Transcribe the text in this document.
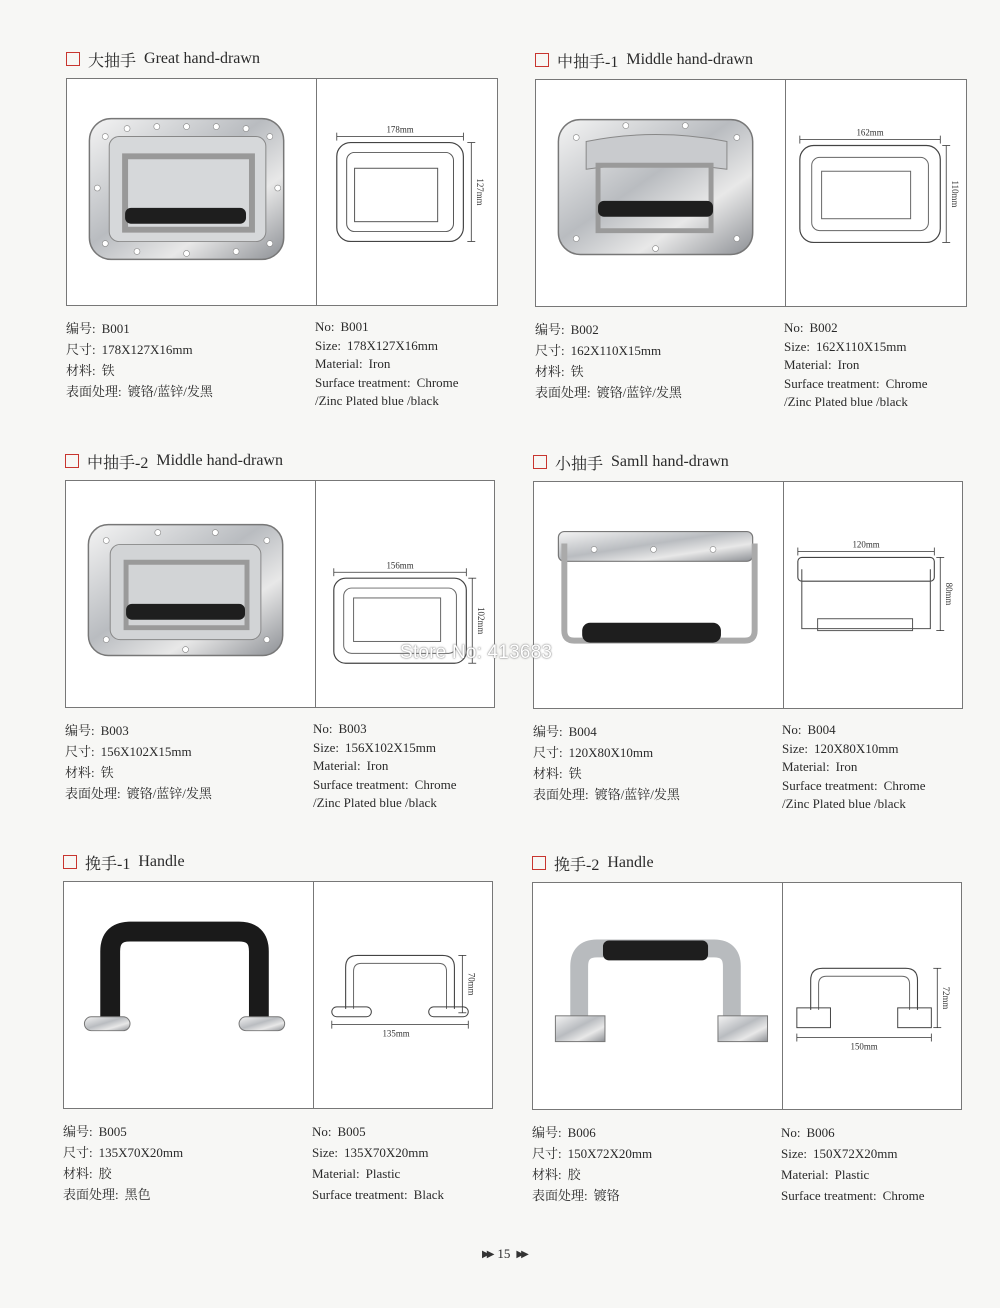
大抽手 Great hand-drawn
178mm
127mm
编号: B001
尺寸: 178X127X16mm
材料: 铁
表面处理: 镀铬/蓝锌/发黑
No: B001
Size: 178X127X16mm
Material: Iron
Surface treatment: Chrome
/Zinc Plated blue /black
中抽手-1 Middle hand-drawn
162mm
110mm
编号: B002
尺寸: 162X110X15mm
材料: 铁
表面处理: 镀铬/蓝锌/发黑
No: B002
Size: 162X110X15mm
Material: Iron
Surface treatment: Chrome
/Zinc Plated blue /black
中抽手-2 Middle hand-drawn
156mm
102mm
编号: B003
尺寸: 156X102X15mm
材料: 铁
表面处理: 镀铬/蓝锌/发黑
No: B003
Size: 156X102X15mm
Material: Iron
Surface treatment: Chrome
/Zinc Plated blue /black
小抽手 Samll hand-drawn
120mm
80mm
编号: B004
尺寸: 120X80X10mm
材料: 铁
表面处理: 镀铬/蓝锌/发黑
No: B004
Size: 120X80X10mm
Material: Iron
Surface treatment: Chrome
/Zinc Plated blue /black
挽手-1 Handle
135mm
70mm
编号: B005
尺寸: 135X70X20mm
材料: 胶
表面处理: 黑色
No: B005
Size: 135X70X20mm
Material: Plastic
Surface treatment: Black
挽手-2 Handle
150mm
72mm
编号: B006
尺寸: 150X72X20mm
材料: 胶
表面处理: 镀铬
No: B006
Size: 150X72X20mm
Material: Plastic
Surface treatment: Chrome
Store No: 413683
▶▶ 15 ▶▶
